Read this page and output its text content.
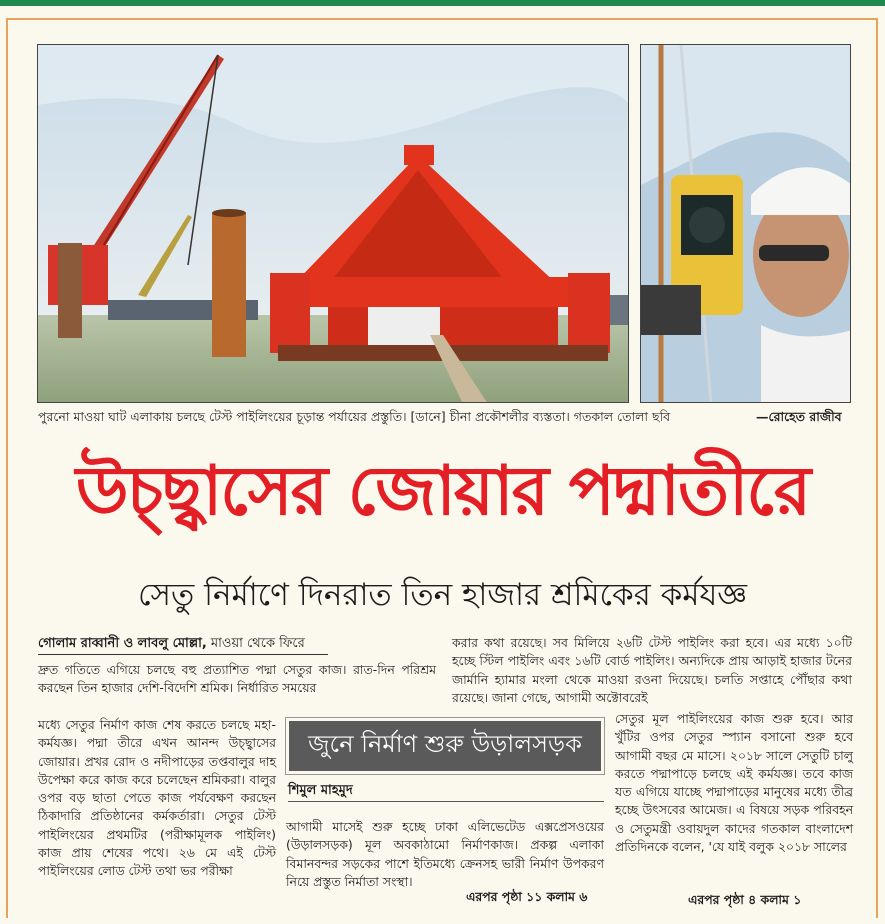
পুরনো মাওয়া ঘাট এলাকায় চলছে টেস্ট পাইলিংয়ের চূড়ান্ত পর্যায়ের প্রস্তুতি। [ডানে] চীনা প্রকৌশলীর ব্যস্ততা। গতকাল তোলা ছবি	—রোহেত রাজীব
উচ্ছ্বাসের জোয়ার পদ্মাতীরে
সেতু নির্মাণে দিনরাত তিন হাজার শ্রমিকের কর্মযজ্ঞ
গোলাম রাব্বানী ও লাবলু মোল্লা, মাওয়া থেকে ফিরে
দ্রুত গতিতে এগিয়ে চলছে বহু প্রত্যাশিত পদ্মা সেতুর কাজ। রাত-দিন পরিশ্রম করছেন তিন হাজার দেশি-বিদেশি শ্রমিক। নির্ধারিত সময়ের
মধ্যে সেতুর নির্মাণ কাজ শেষ করতে চলছে মহা-কর্মযজ্ঞ। পদ্মা তীরে এখন আনন্দ উচ্ছ্বাসের জোয়ার। প্রখর রোদ ও নদীপাড়ের তপ্তবালুর দাহ উপেক্ষা করে কাজ করে চলেছেন শ্রমিকরা। বালুর ওপর বড় ছাতা পেতে কাজ পর্যবেক্ষণ করছেন ঠিকাদারি প্রতিষ্ঠানের কর্মকর্তারা। সেতুর টেস্ট পাইলিংয়ের প্রথমটির (পরীক্ষামূলক পাইলিং) কাজ প্রায় শেষের পথে। ২৬ মে এই টেস্ট পাইলিংয়ের লোড টেস্ট তথা ভর পরীক্ষা
করার কথা রয়েছে। সব মিলিয়ে ২৬টি টেস্ট পাইলিং করা হবে। এর মধ্যে ১০টি হচ্ছে স্টিল পাইলিং এবং ১৬টি বোর্ড পাইলিং। অন্যদিকে প্রায় আড়াই হাজার টনের জার্মানি হ্যামার মংলা থেকে মাওয়া রওনা দিয়েছে। চলতি সপ্তাহে পৌঁছার কথা রয়েছে। জানা গেছে, আগামী অক্টোবরেই
সেতুর মূল পাইলিংয়ের কাজ শুরু হবে। আর খুঁটির ওপর সেতুর স্প্যান বসানো শুরু হবে আগামী বছর মে মাসে। ২০১৮ সালে সেতুটি চালু করতে পদ্মাপাড়ে চলছে এই কর্মযজ্ঞ। তবে কাজ যত এগিয়ে যাচ্ছে পদ্মাপাড়ের মানুষের মধ্যে তীব্র হচ্ছে উৎসবের আমেজ। এ বিষয়ে সড়ক পরিবহন ও সেতুমন্ত্রী ওবায়দুল কাদের গতকাল বাংলাদেশ প্রতিদিনকে বলেন, 'যে যাই বলুক ২০১৮ সালের
এরপর পৃষ্ঠা ৪ কলাম ১
জুনে নির্মাণ শুরু উড়ালসড়ক
শিমুল মাহমুদ
আগামী মাসেই শুরু হচ্ছে ঢাকা এলিভেটেড এক্সপ্রেসওয়ের (উড়ালসড়ক) মূল অবকাঠামো নির্মাণকাজ। প্রকল্প এলাকা বিমানবন্দর সড়কের পাশে ইতিমধ্যে ক্রেনসহ ভারী নির্মাণ উপকরণ নিয়ে প্রস্তুত নির্মাতা সংস্থা।
এরপর পৃষ্ঠা ১১ কলাম ৬
